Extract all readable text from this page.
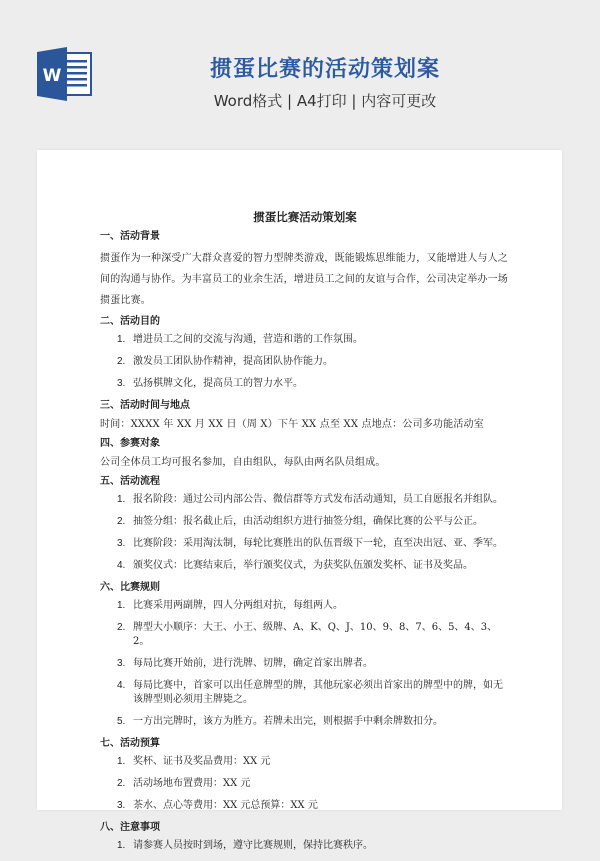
W	掼蛋比赛的活动策划案
Word格式 | A4打印 | 内容可更改
掼蛋比赛活动策划案
一、活动背景
掼蛋作为一种深受广大群众喜爱的智力型牌类游戏，既能锻炼思维能力，又能增进人与人之间的沟通与协作。为丰富员工的业余生活，增进员工之间的友谊与合作，公司决定举办一场掼蛋比赛。
二、活动目的
1. 增进员工之间的交流与沟通，营造和谐的工作氛围。
2. 激发员工团队协作精神，提高团队协作能力。
3. 弘扬棋牌文化，提高员工的智力水平。
三、活动时间与地点
时间：XXXX 年 XX 月 XX 日（周 X）下午 XX 点至 XX 点地点：公司多功能活动室
四、参赛对象
公司全体员工均可报名参加，自由组队，每队由两名队员组成。
五、活动流程
1. 报名阶段：通过公司内部公告、微信群等方式发布活动通知，员工自愿报名并组队。
2. 抽签分组：报名截止后，由活动组织方进行抽签分组，确保比赛的公平与公正。
3. 比赛阶段：采用淘汰制，每轮比赛胜出的队伍晋级下一轮，直至决出冠、亚、季军。
4. 颁奖仪式：比赛结束后，举行颁奖仪式，为获奖队伍颁发奖杯、证书及奖品。
六、比赛规则
1. 比赛采用两副牌，四人分两组对抗，每组两人。
2. 牌型大小顺序：大王、小王、级牌、A、K、Q、J、10、9、8、7、6、5、4、3、2。
3. 每局比赛开始前，进行洗牌、切牌，确定首家出牌者。
4. 每局比赛中，首家可以出任意牌型的牌，其他玩家必须出首家出的牌型中的牌，如无该牌型则必须用主牌毙之。
5. 一方出完牌时，该方为胜方。若牌未出完，则根据手中剩余牌数扣分。
七、活动预算
1. 奖杯、证书及奖品费用：XX 元
2. 活动场地布置费用：XX 元
3. 茶水、点心等费用：XX 元总预算：XX 元
八、注意事项
1. 请参赛人员按时到场，遵守比赛规则，保持比赛秩序。
